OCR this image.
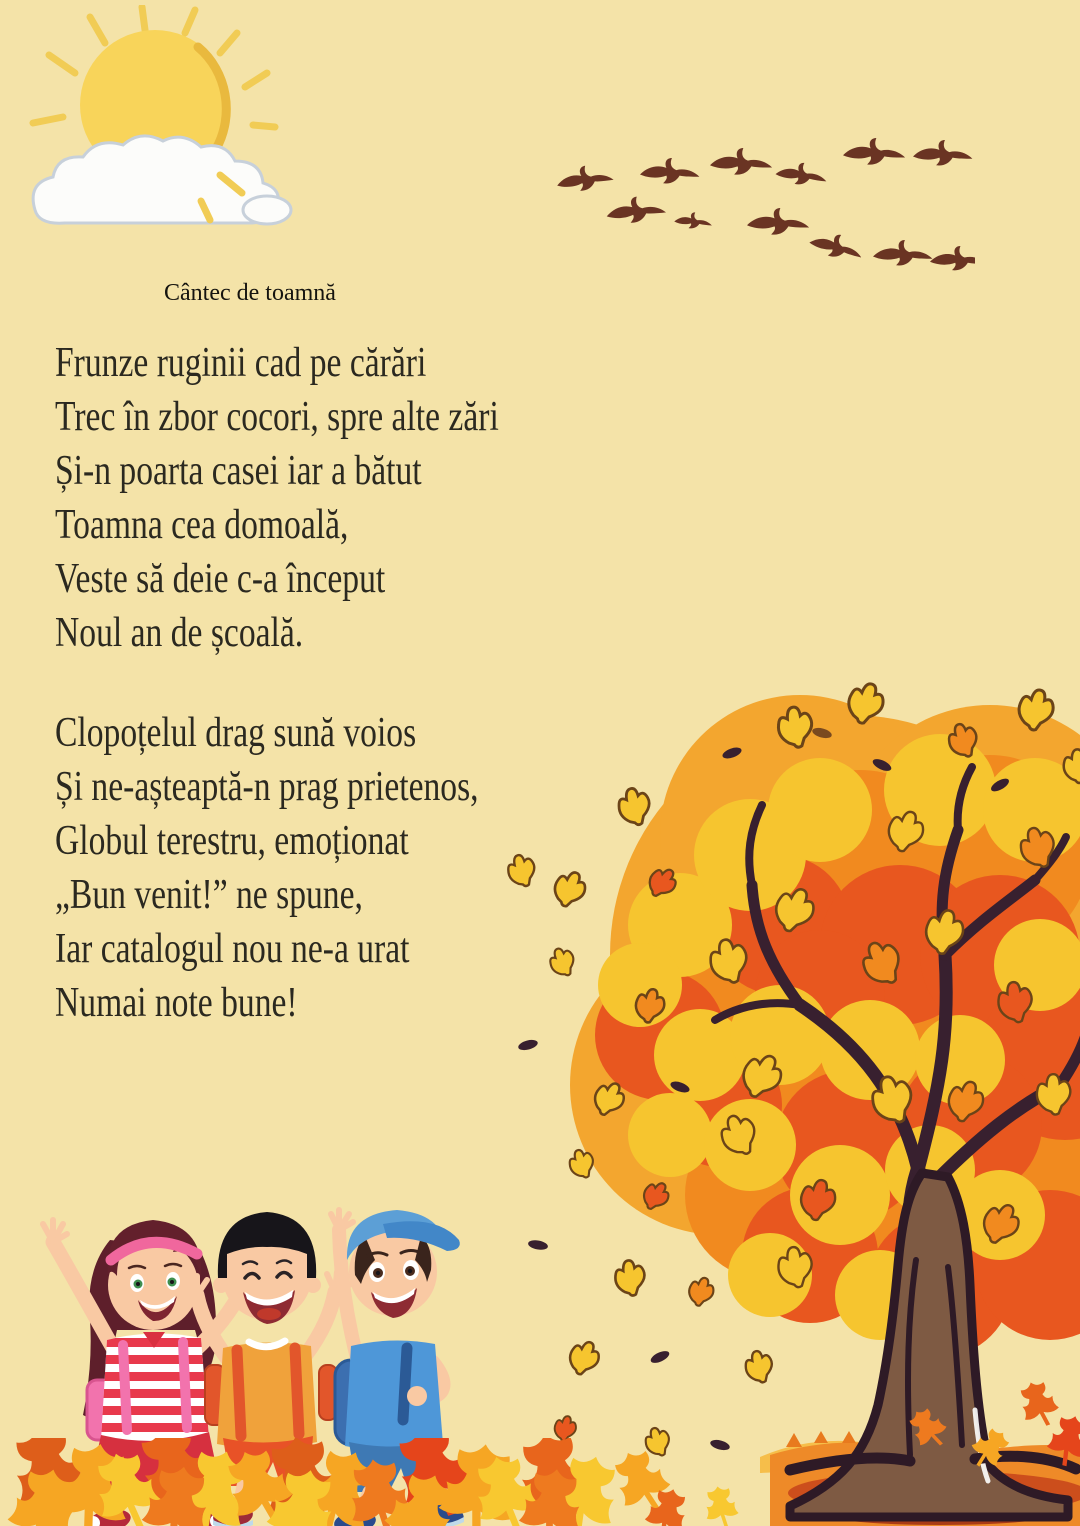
Cântec de toamnă
Frunze ruginii cad pe cărări
Trec în zbor cocori, spre alte zări
Și-n poarta casei iar a bătut
Toamna cea domoală,
Veste să deie c-a început
Noul an de școală.
Clopoțelul drag sună voios
Și ne-așteaptă-n prag prietenos,
Globul terestru, emoționat
„Bun venit!” ne spune,
Iar catalogul nou ne-a urat
Numai note bune!
